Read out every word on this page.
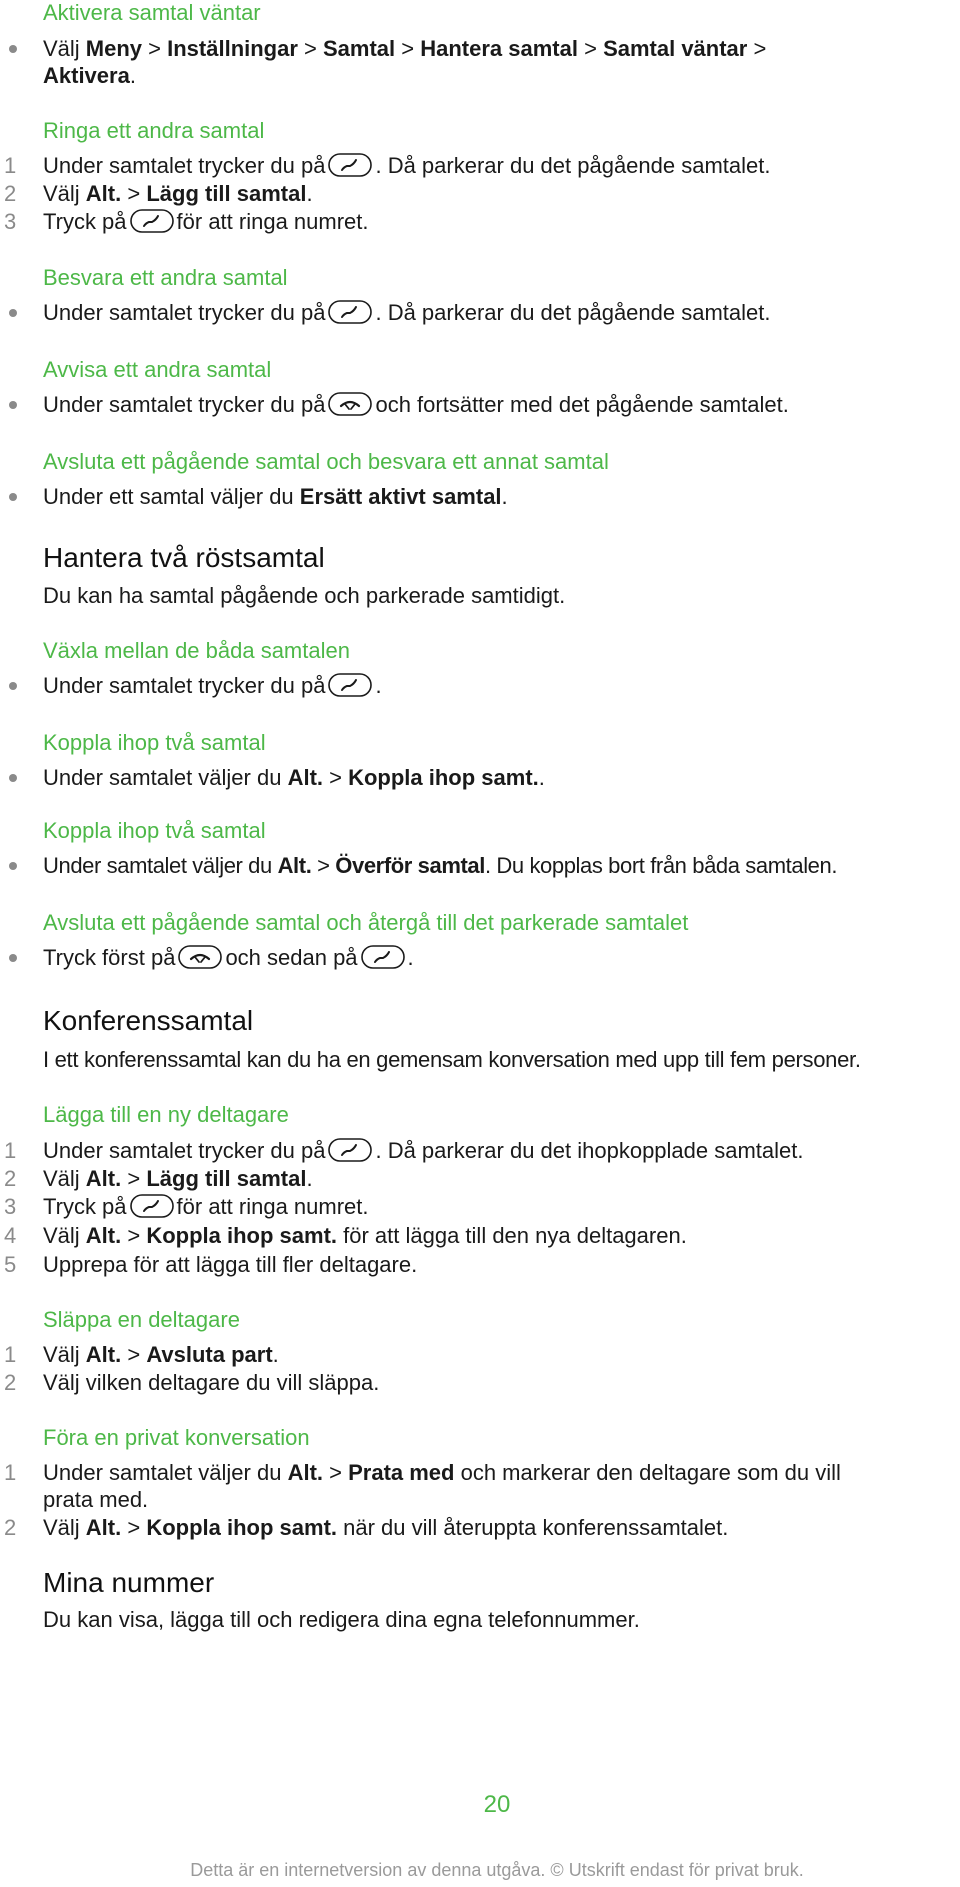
Aktivera samtal väntar
Välj Meny > Inställningar > Samtal > Hantera samtal > Samtal väntar >
Aktivera.
Ringa ett andra samtal
1	Under samtalet trycker du på . Då parkerar du det pågående samtalet.
2	Välj Alt. > Lägg till samtal.
3	Tryck på för att ringa numret.
Besvara ett andra samtal
Under samtalet trycker du på . Då parkerar du det pågående samtalet.
Avvisa ett andra samtal
Under samtalet trycker du på och fortsätter med det pågående samtalet.
Avsluta ett pågående samtal och besvara ett annat samtal
Under ett samtal väljer du Ersätt aktivt samtal.
Hantera två röstsamtal
Du kan ha samtal pågående och parkerade samtidigt.
Växla mellan de båda samtalen
Under samtalet trycker du på .
Koppla ihop två samtal
Under samtalet väljer du Alt. > Koppla ihop samt..
Koppla ihop två samtal
Under samtalet väljer du Alt. > Överför samtal. Du kopplas bort från båda samtalen.
Avsluta ett pågående samtal och återgå till det parkerade samtalet
Tryck först på och sedan på .
Konferenssamtal
I ett konferenssamtal kan du ha en gemensam konversation med upp till fem personer.
Lägga till en ny deltagare
1	Under samtalet trycker du på . Då parkerar du det ihopkopplade samtalet.
2	Välj Alt. > Lägg till samtal.
3	Tryck på för att ringa numret.
4	Välj Alt. > Koppla ihop samt. för att lägga till den nya deltagaren.
5	Upprepa för att lägga till fler deltagare.
Släppa en deltagare
1	Välj Alt. > Avsluta part.
2	Välj vilken deltagare du vill släppa.
Föra en privat konversation
1	Under samtalet väljer du Alt. > Prata med och markerar den deltagare som du vill
prata med.
2	Välj Alt. > Koppla ihop samt. när du vill återuppta konferenssamtalet.
Mina nummer
Du kan visa, lägga till och redigera dina egna telefonnummer.
20
Detta är en internetversion av denna utgåva. © Utskrift endast för privat bruk.
